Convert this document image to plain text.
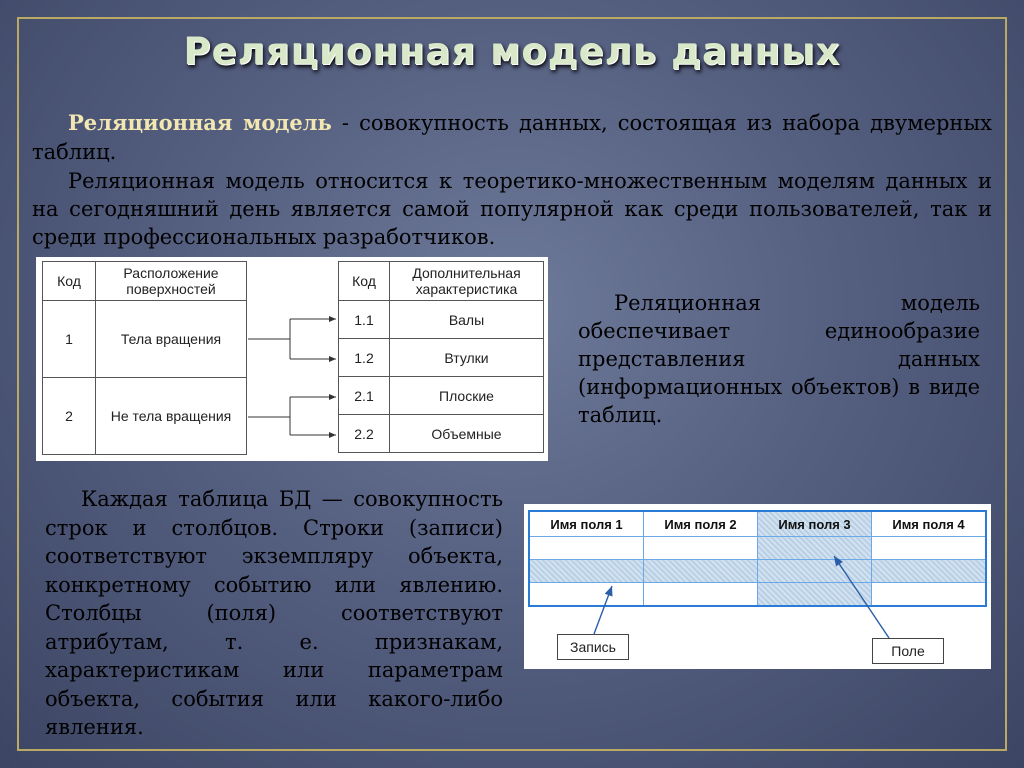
Реляционная модель данных

Реляционная модель - совокупность данных, состоящая из набора двумерных таблиц.

Реляционная модель относится к теоретико-множественным моделям данных и на сегодняшний день является самой популярной как среди пользователей, так и среди профессиональных разработчиков.

Код	Расположение поверхностей
1	Тела вращения
2	Не тела вращения
Код	Дополнительная характеристика
1.1	Валы
1.2	Втулки
2.1	Плоские
2.2	Объемные

Реляционная модель обеспечивает единообразие представления данных (информационных объектов) в виде таблиц.

Каждая таблица БД — совокупность строк и столбцов. Строки (записи) соответствуют экземпляру объекта, конкретному событию или явлению. Столбцы (поля) соответствуют атрибутам, т. е. признакам, характеристикам или параметрам объекта, события или какого-либо явления.

Имя поля 1	Имя поля 2	Имя поля 3	Имя поля 4

Запись	Поле
